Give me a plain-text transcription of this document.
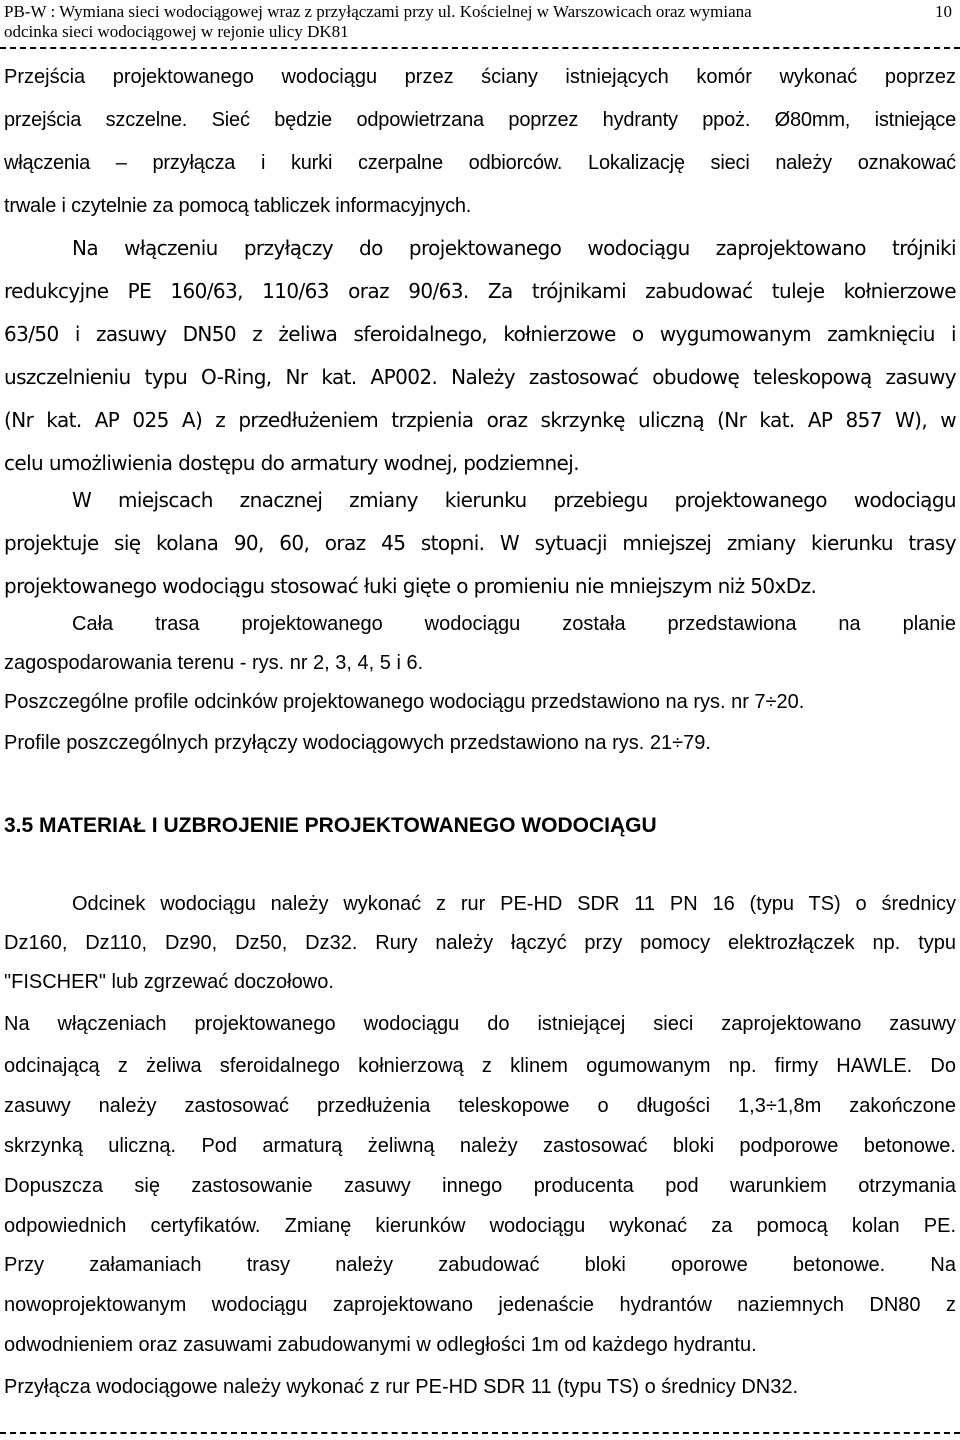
PB-W : Wymiana sieci wodociągowej wraz z przyłączami przy ul. Kościelnej w Warszowicach oraz wymiana
odcinka sieci wodociągowej w rejonie ulicy DK81
10
Przejścia projektowanego wodociągu przez ściany istniejących komór wykonać poprzez
przejścia szczelne. Sieć będzie odpowietrzana poprzez hydranty ppoż. Ø80mm, istniejące
włączenia – przyłącza i kurki czerpalne odbiorców. Lokalizację sieci należy oznakować
trwale i czytelnie za pomocą tabliczek informacyjnych.
Na włączeniu przyłączy do projektowanego wodociągu zaprojektowano trójniki
redukcyjne PE 160/63, 110/63 oraz 90/63. Za trójnikami zabudować tuleje kołnierzowe
63/50 i zasuwy DN50 z żeliwa sferoidalnego, kołnierzowe o wygumowanym zamknięciu i
uszczelnieniu typu O-Ring, Nr kat. AP002. Należy zastosować obudowę teleskopową zasuwy
(Nr kat. AP 025 A) z przedłużeniem trzpienia oraz skrzynkę uliczną (Nr kat. AP 857 W), w
celu umożliwienia dostępu do armatury wodnej, podziemnej.
W miejscach znacznej zmiany kierunku przebiegu projektowanego wodociągu
projektuje się kolana 90, 60, oraz 45 stopni. W sytuacji mniejszej zmiany kierunku trasy
projektowanego wodociągu stosować łuki gięte o promieniu nie mniejszym niż 50xDz.
Cała trasa projektowanego wodociągu została przedstawiona na planie
zagospodarowania terenu - rys. nr 2, 3, 4, 5 i 6.
Poszczególne profile odcinków projektowanego wodociągu przedstawiono na rys. nr 7÷20.
Profile poszczególnych przyłączy wodociągowych przedstawiono na rys. 21÷79.
3.5 MATERIAŁ I UZBROJENIE PROJEKTOWANEGO WODOCIĄGU
Odcinek wodociągu należy wykonać z rur PE-HD SDR 11 PN 16 (typu TS) o średnicy
Dz160, Dz110, Dz90, Dz50, Dz32. Rury należy łączyć przy pomocy elektrozłączek np. typu
"FISCHER" lub zgrzewać doczołowo.
Na włączeniach projektowanego wodociągu do istniejącej sieci zaprojektowano zasuwy
odcinającą z żeliwa sferoidalnego kołnierzową z klinem ogumowanym np. firmy HAWLE. Do
zasuwy należy zastosować przedłużenia teleskopowe o długości 1,3÷1,8m zakończone
skrzynką uliczną. Pod armaturą żeliwną należy zastosować bloki podporowe betonowe.
Dopuszcza się zastosowanie zasuwy innego producenta pod warunkiem otrzymania
odpowiednich certyfikatów. Zmianę kierunków wodociągu wykonać za pomocą kolan PE.
Przy załamaniach trasy należy zabudować bloki oporowe betonowe. Na
nowoprojektowanym wodociągu zaprojektowano jedenaście hydrantów naziemnych DN80 z
odwodnieniem oraz zasuwami zabudowanymi w odległości 1m od każdego hydrantu.
Przyłącza wodociągowe należy wykonać z rur PE-HD SDR 11 (typu TS) o średnicy DN32.
